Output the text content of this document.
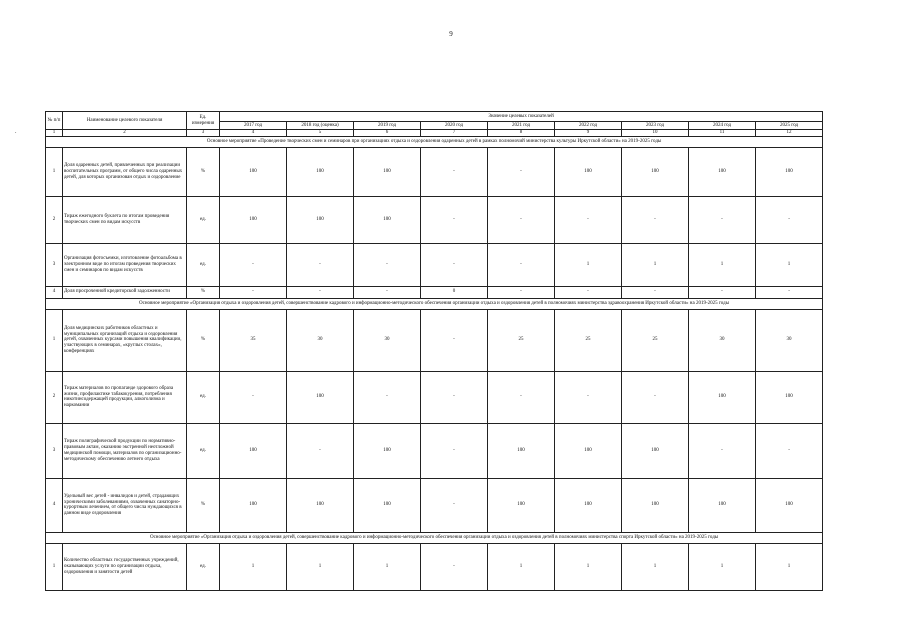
9
.
№ п/п	Наименование целевого показателя	Ед. измерения	Значение целевых показателей								
			2017 год	2018 год (оценка)	2019 год	2020 год	2021 год	2022 год	2023 год	2024 год	2025 год
1	2	3	4	5	6	7	8	9	10	11	12
Основное мероприятие «Проведение творческих смен и семинаров при организациях отдыха и оздоровления одаренных детей в рамках полномочий министерства культуры Иркутской области» на 2019-2025 годы											
1	Доля одаренных детей, привлеченных при реализации воспитательных программ, от общего числа одаренных детей, для которых организован отдых и оздоровление	%	100	100	100	-	-	100	100	100	100
2	Тираж ежегодного буклета по итогам проведения творческих смен по видам искусств	ед.	100	100	100	-	-	-	-	-	-
3	Организация фотосъемки, изготовление фотоальбома в электронном виде по итогам проведения творческих смен и семинаров по видам искусств	ед.	-	-	-	-	-	1	1	1	1
4	Доля просроченной кредиторской задолженности	%	-	-	-	0	-	-	-	-	-
Основное мероприятие «Организация отдыха и оздоровления детей, совершенствование кадрового и информационно-методического обеспечения организации отдыха и оздоровления детей в полномочиях министерства здравоохранения Иркутской области» на 2019-2025 годы											
1	Доля медицинских работников областных и муниципальных организаций отдыха и оздоровления детей, охваченных курсами повышения квалификации, участвующих в семинарах, «круглых столах», конференциях	%	35	30	30	-	25	25	25	30	30
2	Тираж материалов по пропаганде здорового образа жизни, профилактике табакокурения, потребления никотинсодержащей продукции, алкоголизма и наркомании	ед.	-	100	-	-	-	-	-	100	100
3	Тираж полиграфической продукции по нормативно-правовым актам, оказанию экстренной неотложной медицинской помощи, материалов по организационно-методическому обеспечению летнего отдыха	ед.	100	-	100	-	100	100	100	-	-
4	Удельный вес детей - инвалидов и детей, страдающих хроническими заболеваниями, охваченных санаторно-курортным лечением, от общего числа нуждающихся в данном виде оздоровления	%	100	100	100	-	100	100	100	100	100
Основное мероприятие «Организация отдыха и оздоровления детей, совершенствование кадрового и информационно-методического обеспечения организации отдыха и оздоровления детей в полномочиях министерства спорта Иркутской области» на 2019-2025 годы											
1	Количество областных государственных учреждений, оказывающих услуги по организации отдыха, оздоровления и занятости детей	ед.	1	1	1	-	1	1	1	1	1
